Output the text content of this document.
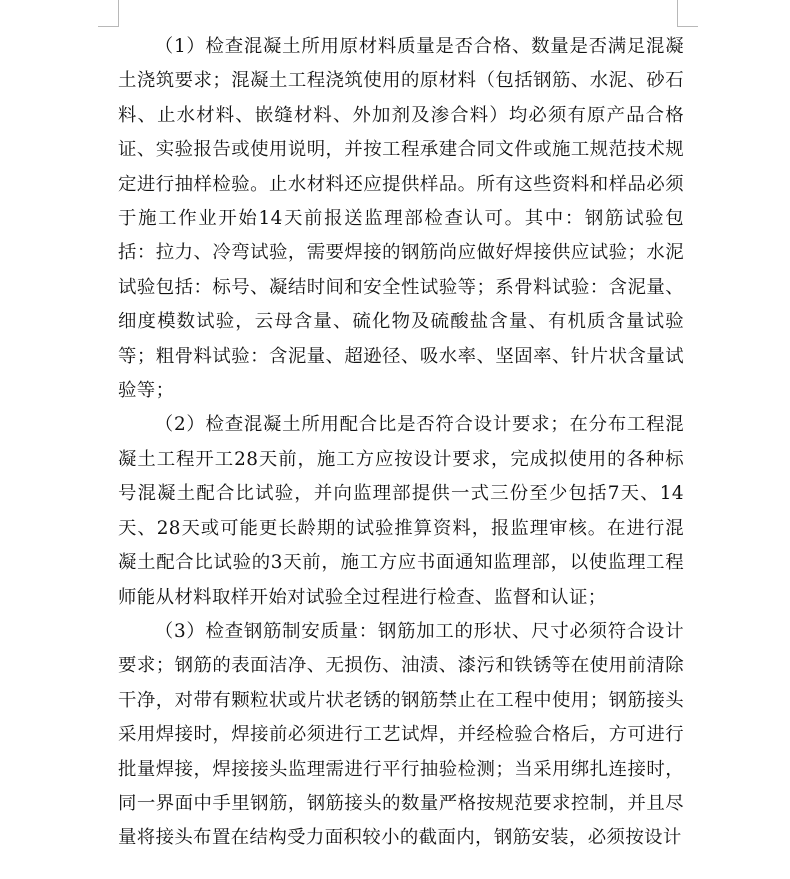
（1）检查混凝土所用原材料质量是否合格、数量是否满足混凝土浇筑要求；混凝土工程浇筑使用的原材料（包括钢筋、水泥、砂石料、止水材料、嵌缝材料、外加剂及渗合料）均必须有原产品合格证、实验报告或使用说明，并按工程承建合同文件或施工规范技术规定进行抽样检验。止水材料还应提供样品。所有这些资料和样品必须于施工作业开始14天前报送监理部检查认可。其中：钢筋试验包括：拉力、冷弯试验，需要焊接的钢筋尚应做好焊接供应试验；水泥试验包括：标号、凝结时间和安全性试验等；系骨料试验：含泥量、细度模数试验，云母含量、硫化物及硫酸盐含量、有机质含量试验等；粗骨料试验：含泥量、超逊径、吸水率、坚固率、针片状含量试验等；

（2）检查混凝土所用配合比是否符合设计要求；在分布工程混凝土工程开工28天前，施工方应按设计要求，完成拟使用的各种标号混凝土配合比试验，并向监理部提供一式三份至少包括7天、14天、28天或可能更长龄期的试验推算资料，报监理审核。在进行混凝土配合比试验的3天前，施工方应书面通知监理部，以使监理工程师能从材料取样开始对试验全过程进行检查、监督和认证；

（3）检查钢筋制安质量：钢筋加工的形状、尺寸必须符合设计要求；钢筋的表面洁净、无损伤、油渍、漆污和铁锈等在使用前清除干净，对带有颗粒状或片状老锈的钢筋禁止在工程中使用；钢筋接头采用焊接时，焊接前必须进行工艺试焊，并经检验合格后，方可进行批量焊接，焊接接头监理需进行平行抽验检测；当采用绑扎连接时，同一界面中手里钢筋，钢筋接头的数量严格按规范要求控制，并且尽量将接头布置在结构受力面积较小的截面内，钢筋安装，必须按设计
